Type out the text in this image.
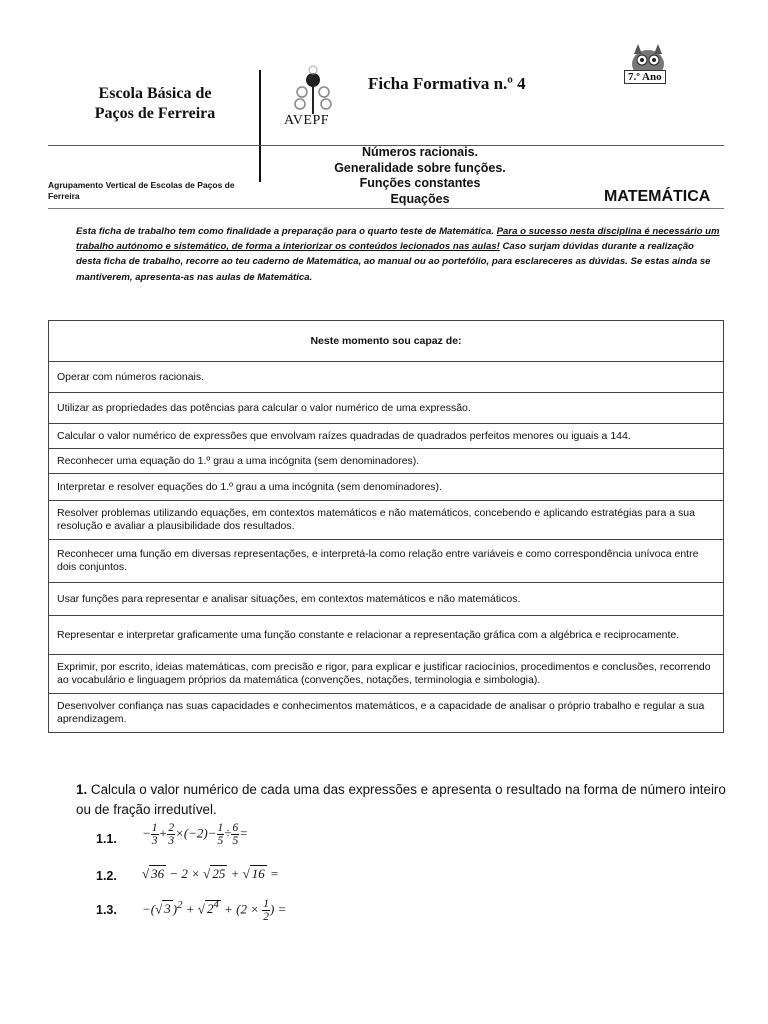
Escola Básica de
Paços de Ferreira	AVEPF
Ficha Formativa n.º 4	7.º Ano
Números racionais.
Generalidade sobre funções.
Funções constantes
Equações
Agrupamento Vertical de Escolas de Paços de Ferreira	MATEMÁTICA
Esta ficha de trabalho tem como finalidade a preparação para o quarto teste de Matemática. Para o sucesso nesta disciplina é necessário um trabalho autónomo e sistemático, de forma a interiorizar os conteúdos lecionados nas aulas! Caso surjam dúvidas durante a realização desta ficha de trabalho, recorre ao teu caderno de Matemática, ao manual ou ao portefólio, para esclareceres as dúvidas. Se estas ainda se mantiverem, apresenta-as nas aulas de Matemática.
Neste momento sou capaz de:
Operar com números racionais.
Utilizar as propriedades das potências para calcular o valor numérico de uma expressão.
Calcular o valor numérico de expressões que envolvam raízes quadradas de quadrados perfeitos menores ou iguais a 144.
Reconhecer uma equação do 1.º grau a uma incógnita (sem denominadores).
Interpretar e resolver equações do 1.º grau a uma incógnita (sem denominadores).
Resolver problemas utilizando equações, em contextos matemáticos e não matemáticos, concebendo e aplicando estratégias para a sua resolução e avaliar a plausibilidade dos resultados.
Reconhecer uma função em diversas representações, e interpretá-la como relação entre variáveis e como correspondência unívoca entre dois conjuntos.
Usar funções para representar e analisar situações, em contextos matemáticos e não matemáticos.
Representar e interpretar graficamente uma função constante e relacionar a representação gráfica com a algébrica e reciprocamente.
Exprimir, por escrito, ideias matemáticas, com precisão e rigor, para explicar e justificar raciocínios, procedimentos e conclusões, recorrendo ao vocabulário e linguagem próprios da matemática (convenções, notações, terminologia e simbologia).
Desenvolver confiança nas suas capacidades e conhecimentos matemáticos, e a capacidade de analisar o próprio trabalho e regular a sua aprendizagem.
1. Calcula o valor numérico de cada uma das expressões e apresenta o resultado na forma de número inteiro ou de fração irredutível.
1.1. − $\frac{1}{3} + \frac{2}{3} \times(-2)- \frac{1}{5} \div \frac{6}{5}$ =
1.2. √ 36 − 2 × √ 25 + √ 16 =
1.3. −(√ 3 )$^2$ + √ $2^4 + (2 \times \frac{1}{2}$ ) =
